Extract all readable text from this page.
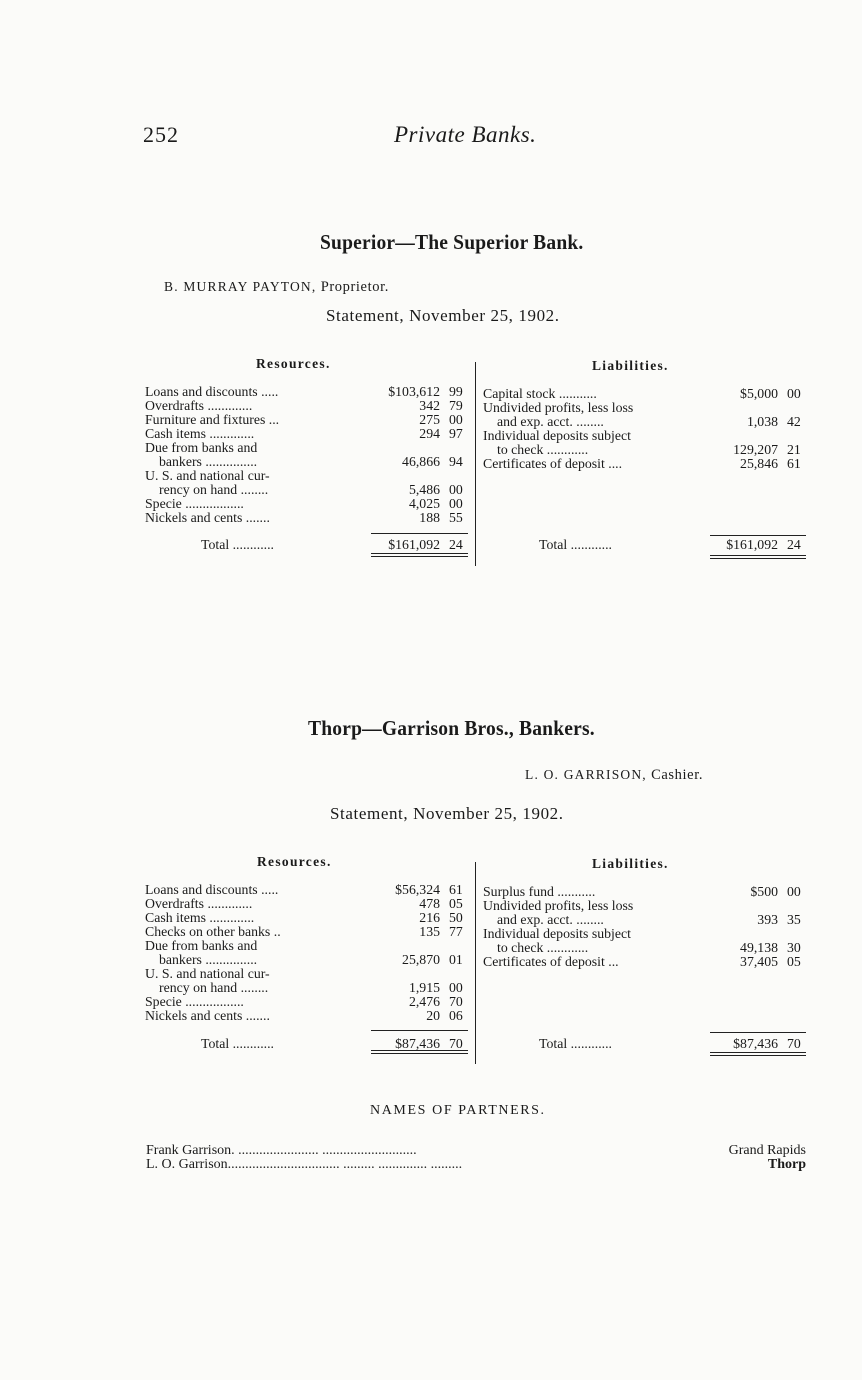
252	Private Banks.
Superior—The Superior Bank.
B. MURRAY PAYTON, Proprietor.
Statement, November 25, 1902.
Resources.	Liabilities.
Loans and discounts .....	$103,612 99
Overdrafts .............	342 79
Furniture and fixtures ...	275 00
Cash items .............	294 97
Due from banks and
bankers ...............	46,866 94
U. S. and national cur-
rency on hand ........	5,486 00
Specie .................	4,025 00
Nickels and cents .......	188 55
Total ............	$161,092 24
Capital stock ...........	$5,000 00
Undivided profits, less loss
and exp. acct. ........	1,038 42
Individual deposits subject
to check ............	129,207 21
Certificates of deposit ....	25,846 61
Total ............	$161,092 24
Thorp—Garrison Bros., Bankers.
L. O. GARRISON, Cashier.
Statement, November 25, 1902.
Resources.	Liabilities.
Loans and discounts .....	$56,324 61
Overdrafts .............	478 05
Cash items .............	216 50
Checks on other banks ..	135 77
Due from banks and
bankers ...............	25,870 01
U. S. and national cur-
rency on hand ........	1,915 00
Specie .................	2,476 70
Nickels and cents .......	20 06
Total ............	$87,436 70
Surplus fund ...........	$500 00
Undivided profits, less loss
and exp. acct. ........	393 35
Individual deposits subject
to check ............	49,138 30
Certificates of deposit ...	37,405 05
Total ............	$87,436 70
NAMES OF PARTNERS.
Frank Garrison. ....................... ...........................	Grand Rapids
L. O. Garrison................................ ......... .............. .........	Thorp
